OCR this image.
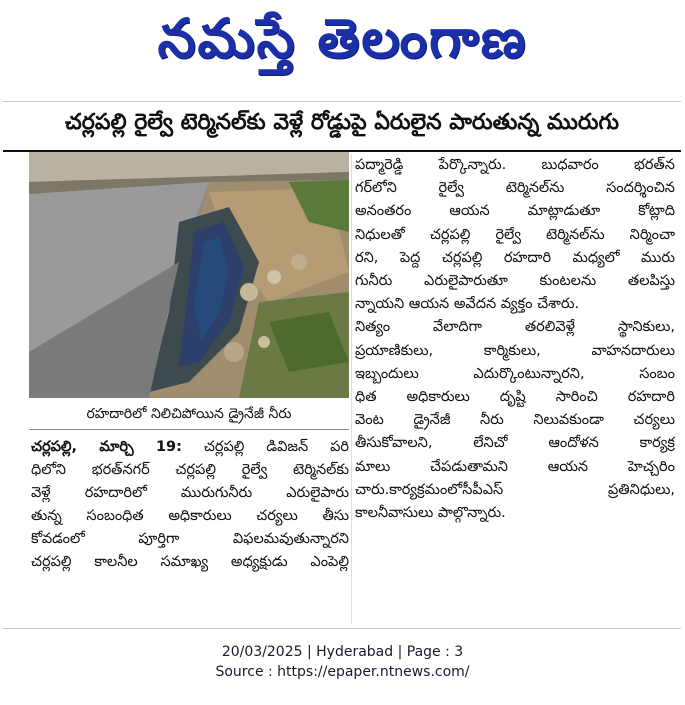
నమస్తే తెలంగాణ
చర్లపల్లి రైల్వే టెర్మినల్‌కు వెళ్లే రోడ్డుపై ఏరులైన పారుతున్న మురుగు
రహదారిలో నిలిచిపోయిన డ్రైనేజీ నీరు
చర్లపల్లి, మార్చి 19: చర్లపల్లి డివిజన్ పరి
ధిలోని భరత్‌నగర్ చర్లపల్లి రైల్వే టెర్మినల్‌కు
వెళ్లే రహదారిలో మురుగునీరు ఎరులైపారు
తున్న సంబంధిత అధికారులు చర్యలు తీసు
కోవడంలో పూర్తిగా విఫలమవుతున్నారని
చర్లపల్లి కాలనీల సమాఖ్య అధ్యక్షుడు ఎంపెల్లి
పద్మారెడ్డి పేర్కొన్నారు. బుధవారం భరత్‌న
గర్‌లోని రైల్వే టెర్మినల్‌ను సందర్శించిన
అనంతరం ఆయన మాట్లాడుతూ కోట్లాది
నిధులతో చర్లపల్లి రైల్వే టెర్మినల్‌ను నిర్మించా
రని, పెద్ద చర్లపల్లి రహదారి మధ్యలో మురు
గునీరు ఎరులైపారుతూ కుంటలను తలపిస్తు
న్నాయని ఆయన అవేదన వ్యక్తం చేశారు.
నిత్యం వేలాదిగా తరలివెళ్లే స్థానికులు,
ప్రయాణికులు, కార్మికులు, వాహనదారులు
ఇబ్బందులు ఎదుర్కొంటున్నారని, సంబం
ధిత అధికారులు దృష్టి సారించి రహదారి
వెంట డ్రైనేజీ నీరు నిలువకుండా చర్యలు
తీసుకోవాలని, లేనిచో ఆందోళన కార్యక్ర
మాలు చేపడుతామని ఆయన హెచ్చరిం
చారు.కార్యక్రమంలోసీపీఎస్ ప్రతినిధులు,
కాలనీవాసులు పాల్గొన్నారు.
20/03/2025 | Hyderabad | Page : 3
Source : https://epaper.ntnews.com/
